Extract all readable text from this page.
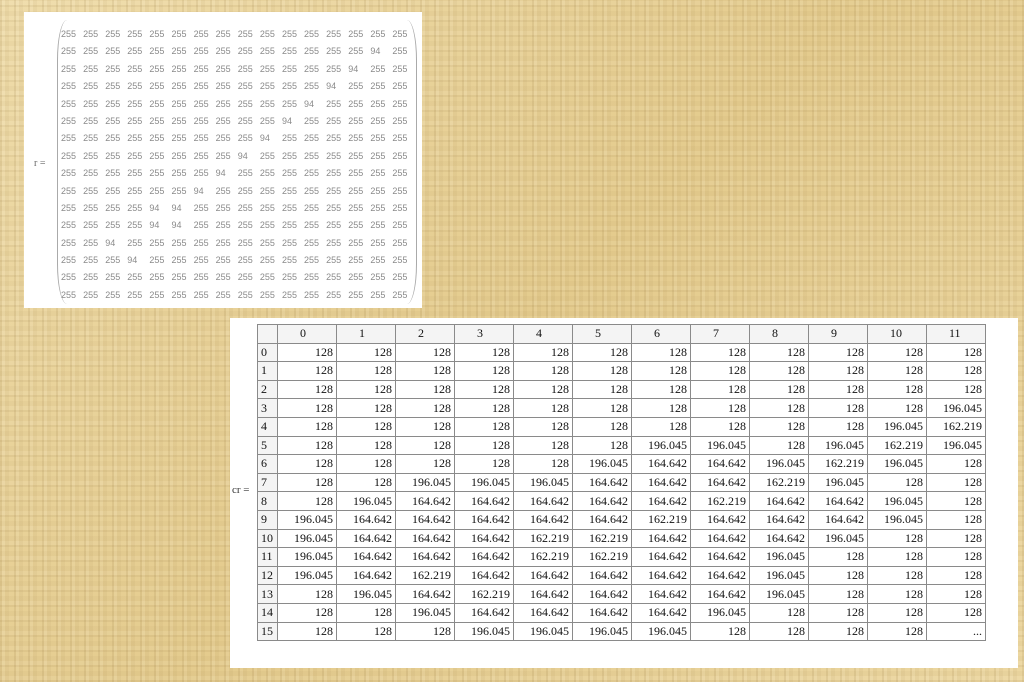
r =
255 255 255 255 255 255 255 255 255 255 255 255 255 255 255 255
255 255 255 255 255 255 255 255 255 255 255 255 255 255 94	255
255 255 255 255 255 255 255 255 255 255 255 255 255 94	255 255
255 255 255 255 255 255 255 255 255 255 255 255 94	255 255 255
255 255 255 255 255 255 255 255 255 255 255 94	255 255 255 255
255 255 255 255 255 255 255 255 255 255 94	255 255 255 255 255
255 255 255 255 255 255 255 255 255 94	255 255 255 255 255 255
255 255 255 255 255 255 255 255 94	255 255 255 255 255 255 255
255 255 255 255 255 255 255 94	255 255 255 255 255 255 255 255
255 255 255 255 255 255 94	255 255 255 255 255 255 255 255 255
255 255 255 255 94	94	255 255 255 255 255 255 255 255 255 255
255 255 255 255 94	94	255 255 255 255 255 255 255 255 255 255
255 255 94	255 255 255 255 255 255 255 255 255 255 255 255 255
255 255 255 94	255 255 255 255 255 255 255 255 255 255 255 255
255 255 255 255 255 255 255 255 255 255 255 255 255 255 255 255
255 255 255 255 255 255 255 255 255 255 255 255 255 255 255 255
cr =
	0	1	2	3	4	5	6	7	8	9	10	11
0	128	128	128	128	128	128	128	128	128	128	128	128
1	128	128	128	128	128	128	128	128	128	128	128	128
2	128	128	128	128	128	128	128	128	128	128	128	128
3	128	128	128	128	128	128	128	128	128	128	128	196.045
4	128	128	128	128	128	128	128	128	128	128	196.045	162.219
5	128	128	128	128	128	128	196.045	196.045	128	196.045	162.219	196.045
6	128	128	128	128	128	196.045	164.642	164.642	196.045	162.219	196.045	128
7	128	128	196.045	196.045	196.045	164.642	164.642	164.642	162.219	196.045	128	128
8	128	196.045	164.642	164.642	164.642	164.642	164.642	162.219	164.642	164.642	196.045	128
9	196.045	164.642	164.642	164.642	164.642	164.642	162.219	164.642	164.642	164.642	196.045	128
10	196.045	164.642	164.642	164.642	162.219	162.219	164.642	164.642	164.642	196.045	128	128
11	196.045	164.642	164.642	164.642	162.219	162.219	164.642	164.642	196.045	128	128	128
12	196.045	164.642	162.219	164.642	164.642	164.642	164.642	164.642	196.045	128	128	128
13	128	196.045	164.642	162.219	164.642	164.642	164.642	164.642	196.045	128	128	128
14	128	128	196.045	164.642	164.642	164.642	164.642	196.045	128	128	128	128
15	128	128	128	196.045	196.045	196.045	196.045	128	128	128	128	...
